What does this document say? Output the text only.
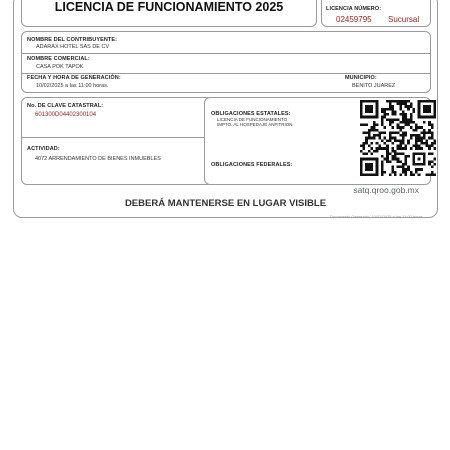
LICENCIA DE FUNCIONAMIENTO 2025	LICENCIA NÚMERO:
02459795 Sucursal
NOMBRE DEL CONTRIBUYENTE:
ADARAX HOTEL SAS DE CV
NOMBRE COMERCIAL:
CASA POK TAPOK
FECHA Y HORA DE GENERACIÓN:
10/02/2025 a las 11:00 horas.
MUNICIPIO:
BENITO JUAREZ
No. DE CLAVE CATASTRAL:
601300D04402300104
ACTIVIDAD:
4072 ARRENDAMIENTO DE BIENES INMUEBLES
OBLIGACIONES ESTATALES:
LICENCIA DE FUNCIONAMIENTO
IMPTO. AL HOSPEDAJE ANFITRION
OBLIGACIONES FEDERALES:
satq.qroo.gob.mx
DEBERÁ MANTENERSE EN LUGAR VISIBLE
Documento Generado: 10/02/2025 a las 11:00 horas.
